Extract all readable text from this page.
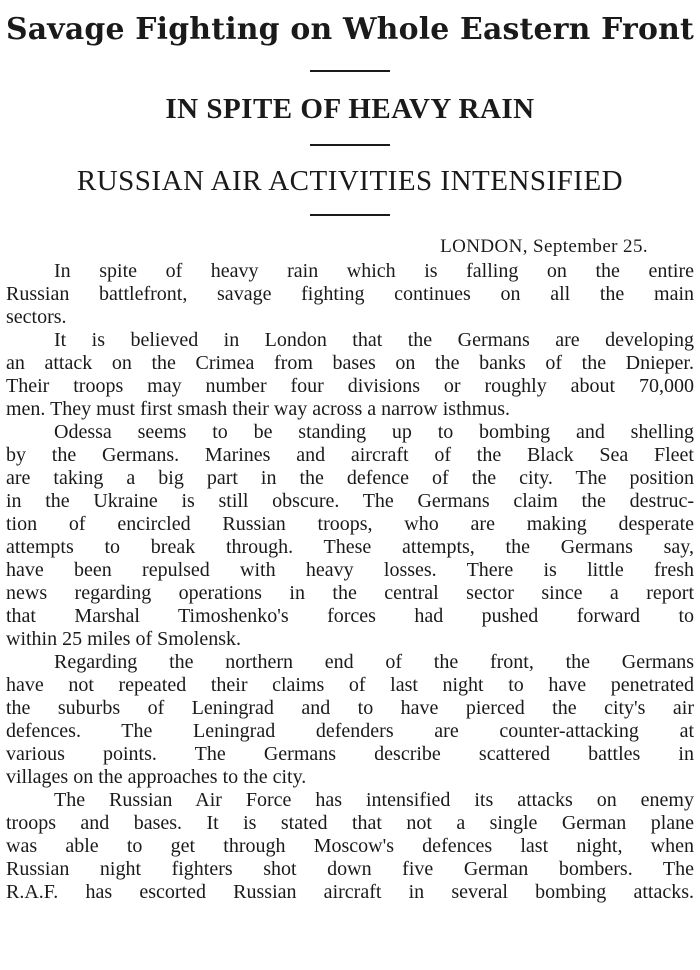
Savage Fighting on Whole Eastern Front
IN SPITE OF HEAVY RAIN
RUSSIAN AIR ACTIVITIES INTENSIFIED
LONDON, September 25.
In spite of heavy rain which is falling on the entire
Russian battlefront, savage fighting continues on all the main
sectors.
It is believed in London that the Germans are developing
an attack on the Crimea from bases on the banks of the Dnieper.
Their troops may number four divisions or roughly about 70,000
men. They must first smash their way across a narrow isthmus.
Odessa seems to be standing up to bombing and shelling
by the Germans. Marines and aircraft of the Black Sea Fleet
are taking a big part in the defence of the city. The position
in the Ukraine is still obscure. The Germans claim the destruc-
tion of encircled Russian troops, who are making desperate
attempts to break through. These attempts, the Germans say,
have been repulsed with heavy losses. There is little fresh
news regarding operations in the central sector since a report
that Marshal Timoshenko's forces had pushed forward to
within 25 miles of Smolensk.
Regarding the northern end of the front, the Germans
have not repeated their claims of last night to have penetrated
the suburbs of Leningrad and to have pierced the city's air
defences. The Leningrad defenders are counter-attacking at
various points. The Germans describe scattered battles in
villages on the approaches to the city.
The Russian Air Force has intensified its attacks on enemy
troops and bases. It is stated that not a single German plane
was able to get through Moscow's defences last night, when
Russian night fighters shot down five German bombers. The
R.A.F. has escorted Russian aircraft in several bombing attacks.
